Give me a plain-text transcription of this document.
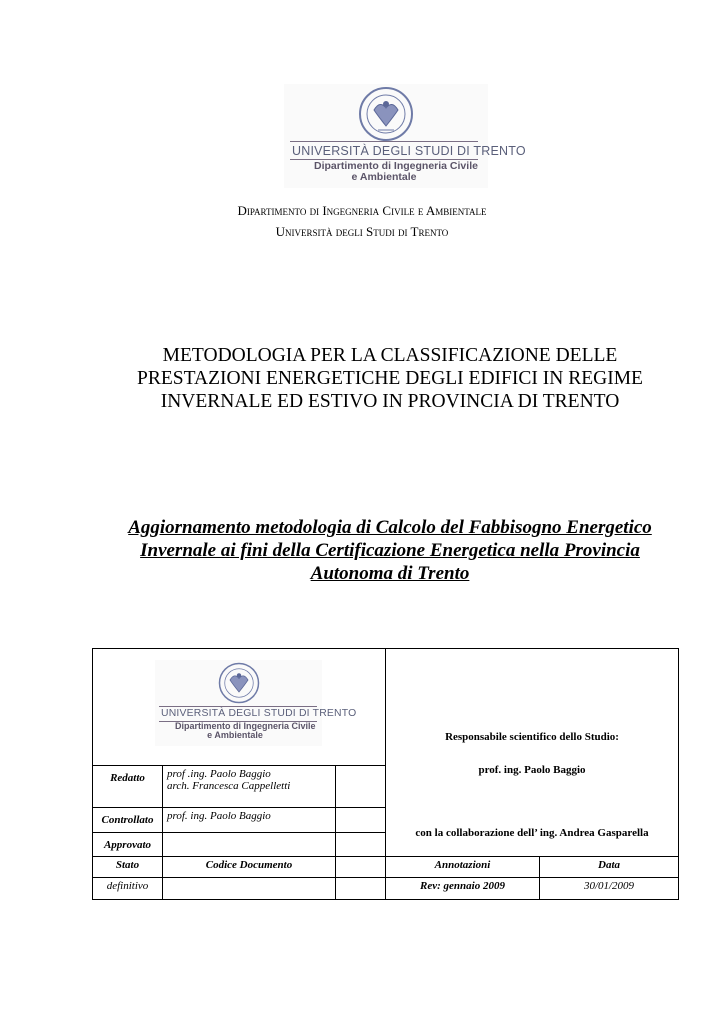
UNIVERSITÀ DEGLI STUDI DI TRENTO
Dipartimento di Ingegneria Civile
e Ambientale
Dipartimento di Ingegneria Civile e Ambientale
Università degli Studi di Trento
METODOLOGIA PER LA CLASSIFICAZIONE DELLE
PRESTAZIONI ENERGETICHE DEGLI EDIFICI IN REGIME
INVERNALE ED ESTIVO IN PROVINCIA DI TRENTO
Aggiornamento metodologia di Calcolo del Fabbisogno Energetico
Invernale ai fini della Certificazione Energetica nella Provincia
Autonoma di Trento

			Responsabile scientifico dello Studio:
prof. ing. Paolo Baggio
con la collaborazione dell’ ing. Andrea Gasparella	

Redatto	prof .ing. Paolo Baggio
arch. Francesca Cappelletti			

Controllato	prof. ing. Paolo Baggio			
Approvato				
Stato	Codice Documento		Annotazioni	Data
definitivo			Rev: gennaio 2009	30/01/2009
UNIVERSITÀ DEGLI STUDI DI TRENTO
Dipartimento di Ingegneria Civile
e Ambientale
